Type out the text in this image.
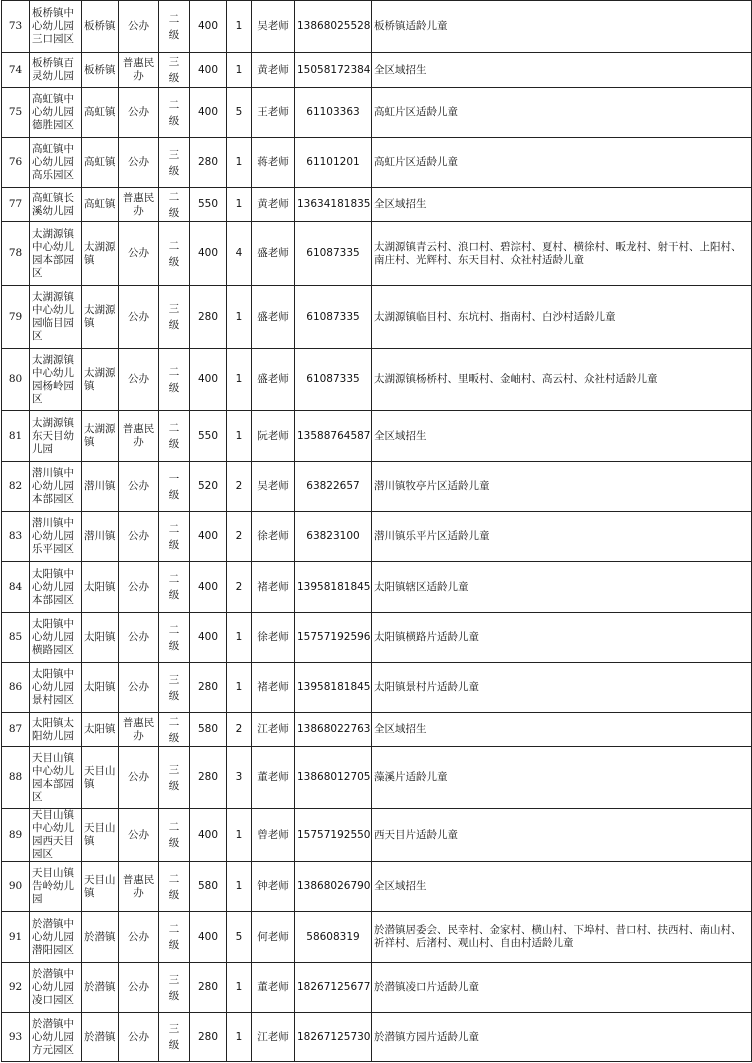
73	板桥镇中心幼儿园三口园区	板桥镇	公办	二级	400	1	吴老师	13868025528	板桥镇适龄儿童
74	板桥镇百灵幼儿园	板桥镇	普惠民办	三级	400	1	黄老师	15058172384	全区域招生
75	高虹镇中心幼儿园德胜园区	高虹镇	公办	二级	400	5	王老师	61103363	高虹片区适龄儿童
76	高虹镇中心幼儿园高乐园区	高虹镇	公办	三级	280	1	蒋老师	61101201	高虹片区适龄儿童
77	高虹镇长溪幼儿园	高虹镇	普惠民办	二级	550	1	黄老师	13634181835	全区域招生
78	太湖源镇中心幼儿园本部园区	太湖源镇	公办	二级	400	4	盛老师	61087335	太湖源镇青云村、浪口村、碧淙村、夏村、横徐村、畈龙村、射干村、上阳村、南庄村、光辉村、东天目村、众社村适龄儿童
79	太湖源镇中心幼儿园临目园区	太湖源镇	公办	三级	280	1	盛老师	61087335	太湖源镇临目村、东坑村、指南村、白沙村适龄儿童
80	太湖源镇中心幼儿园杨岭园区	太湖源镇	公办	二级	400	1	盛老师	61087335	太湖源镇杨桥村、里畈村、金岫村、高云村、众社村适龄儿童
81	太湖源镇东天目幼儿园	太湖源镇	普惠民办	二级	550	1	阮老师	13588764587	全区域招生
82	潜川镇中心幼儿园本部园区	潜川镇	公办	一级	520	2	吴老师	63822657	潜川镇牧亭片区适龄儿童
83	潜川镇中心幼儿园乐平园区	潜川镇	公办	二级	400	2	徐老师	63823100	潜川镇乐平片区适龄儿童
84	太阳镇中心幼儿园本部园区	太阳镇	公办	二级	400	2	褚老师	13958181845	太阳镇辖区适龄儿童
85	太阳镇中心幼儿园横路园区	太阳镇	公办	二级	400	1	徐老师	15757192596	太阳镇横路片适龄儿童
86	太阳镇中心幼儿园景村园区	太阳镇	公办	三级	280	1	褚老师	13958181845	太阳镇景村片适龄儿童
87	太阳镇太阳幼儿园	太阳镇	普惠民办	二级	580	2	江老师	13868022763	全区域招生
88	天目山镇中心幼儿园本部园区	天目山镇	公办	三级	280	3	董老师	13868012705	藻溪片适龄儿童
89	天目山镇中心幼儿园西天目园区	天目山镇	公办	二级	400	1	曾老师	15757192550	西天目片适龄儿童
90	天目山镇告岭幼儿园	天目山镇	普惠民办	二级	580	1	钟老师	13868026790	全区域招生
91	於潜镇中心幼儿园潜阳园区	於潜镇	公办	二级	400	5	何老师	58608319	於潜镇居委会、民幸村、金家村、横山村、下埠村、昔口村、扶西村、南山村、祈祥村、后渚村、观山村、自由村适龄儿童
92	於潜镇中心幼儿园凌口园区	於潜镇	公办	三级	280	1	董老师	18267125677	於潜镇凌口片适龄儿童
93	於潜镇中心幼儿园方元园区	於潜镇	公办	三级	280	1	江老师	18267125730	於潜镇方园片适龄儿童
